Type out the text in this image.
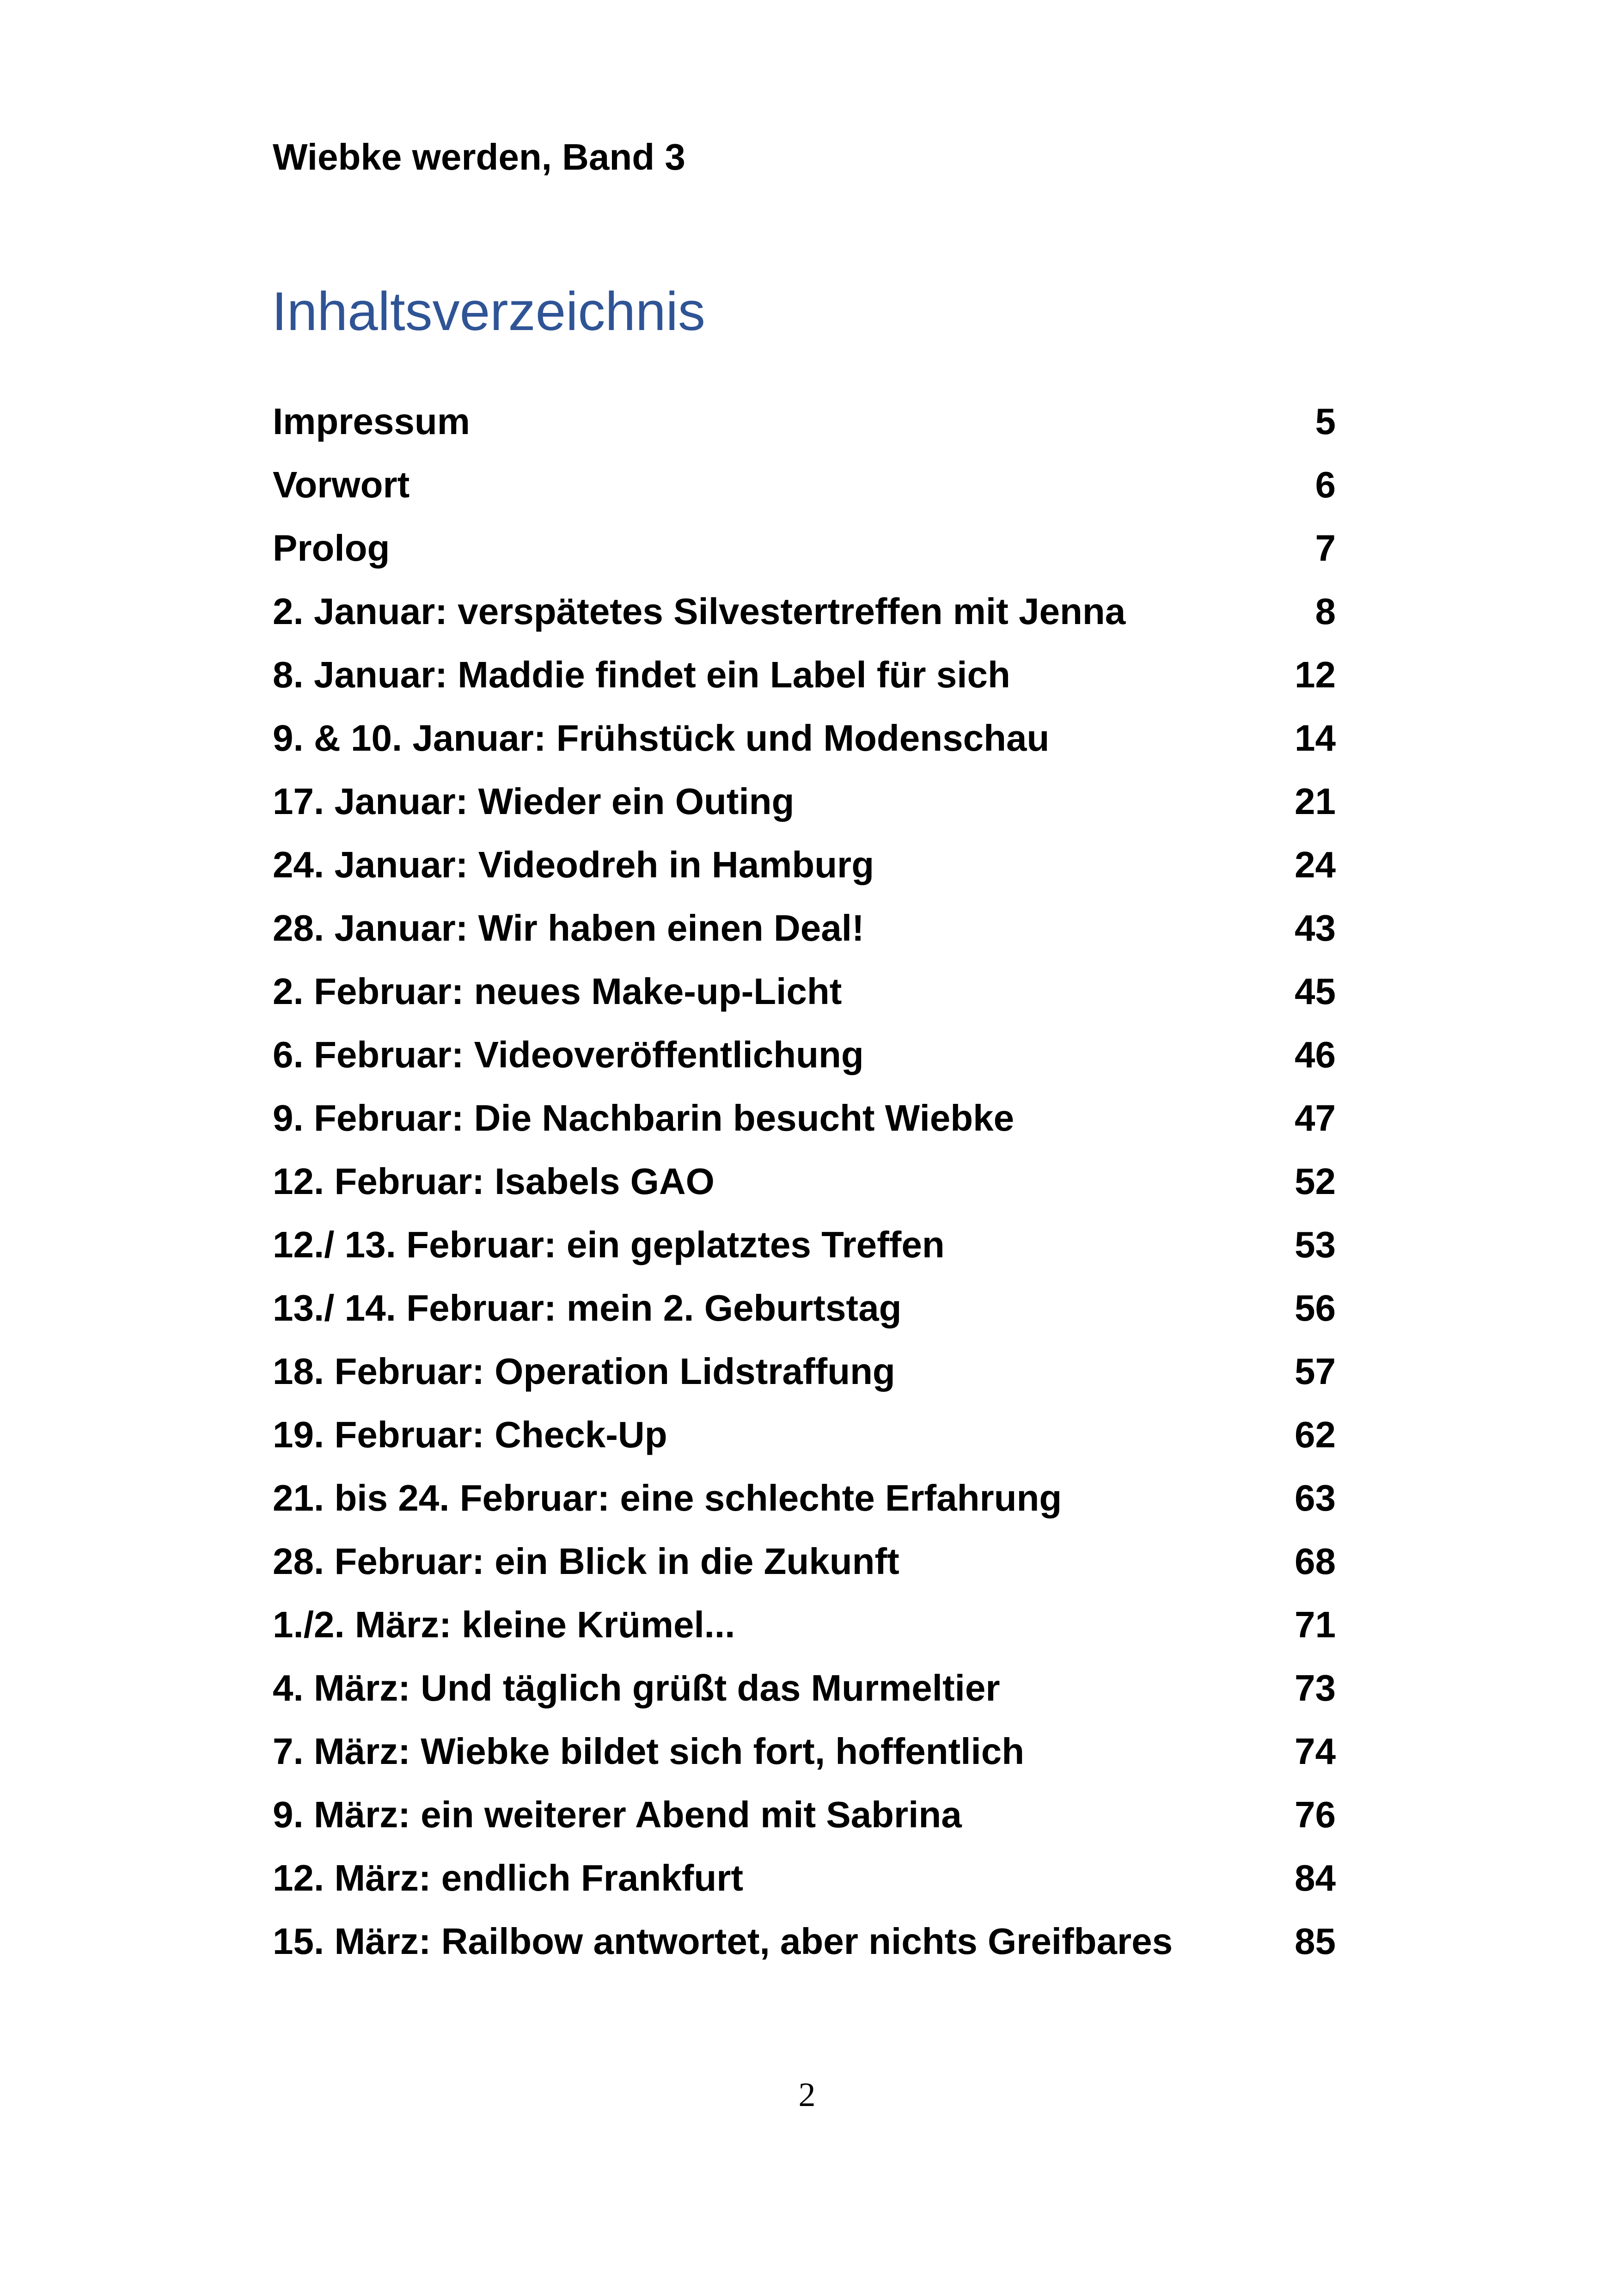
Wiebke werden, Band 3
Inhaltsverzeichnis
Impressum	5
Vorwort	6
Prolog	7
2. Januar: verspätetes Silvestertreffen mit Jenna	8
8. Januar: Maddie findet ein Label für sich	12
9. & 10. Januar: Frühstück und Modenschau	14
17. Januar: Wieder ein Outing	21
24. Januar: Videodreh in Hamburg	24
28. Januar: Wir haben einen Deal!	43
2. Februar: neues Make-up-Licht	45
6. Februar: Videoveröffentlichung	46
9. Februar: Die Nachbarin besucht Wiebke	47
12. Februar: Isabels GAO	52
12./ 13. Februar: ein geplatztes Treffen	53
13./ 14. Februar: mein 2. Geburtstag	56
18. Februar: Operation Lidstraffung	57
19. Februar: Check-Up	62
21. bis 24. Februar: eine schlechte Erfahrung	63
28. Februar: ein Blick in die Zukunft	68
1./2. März: kleine Krümel...	71
4. März: Und täglich grüßt das Murmeltier	73
7. März: Wiebke bildet sich fort, hoffentlich	74
9. März: ein weiterer Abend mit Sabrina	76
12. März: endlich Frankfurt	84
15. März: Railbow antwortet, aber nichts Greifbares	85
2
